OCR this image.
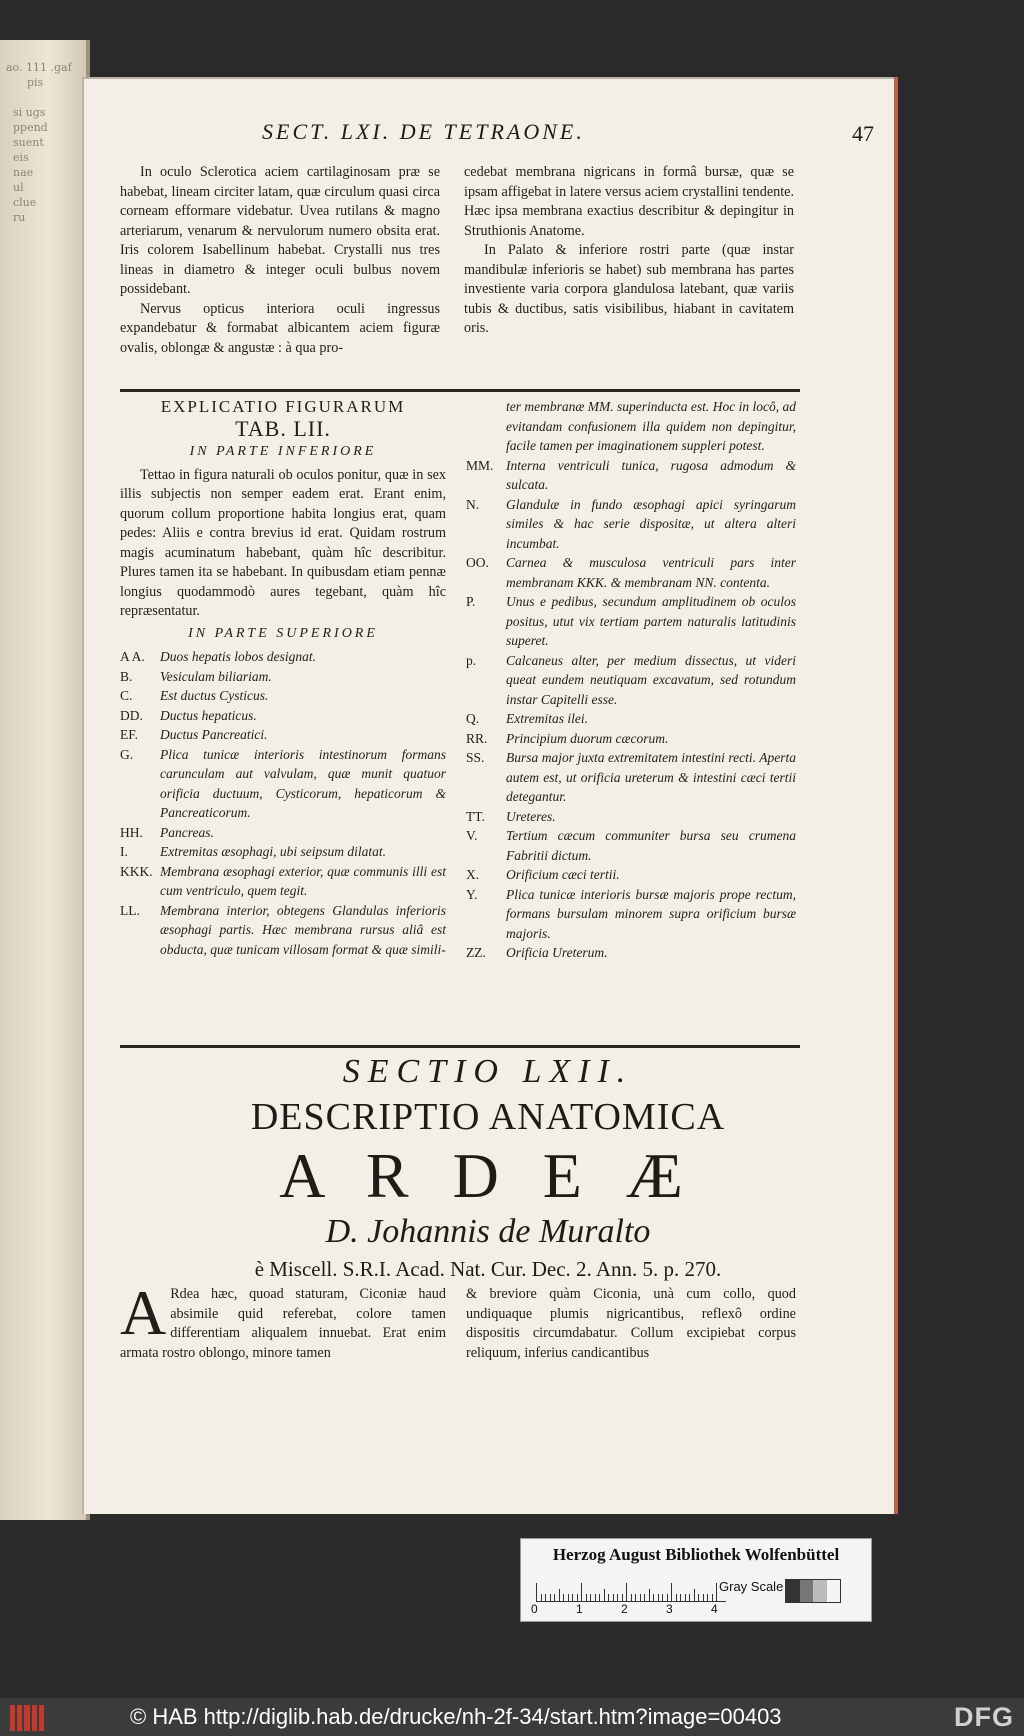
ao. 111 .gaf
pis

si ugs
ppend
suent
eis
nae
ul
clue
ru

SECT. LXI. DE TETRAONE.	47

In oculo Sclerotica aciem cartilaginosam præ se habebat, lineam circiter latam, quæ circulum quasi circa corneam efformare videbatur. Uvea rutilans & magno arteriarum, venarum & nervulorum numero obsita erat. Iris colorem Isabellinum habebat. Crystalli nus tres lineas in diametro & integer oculi bulbus novem possidebant.

Nervus opticus interiora oculi ingressus expandebatur & formabat albicantem aciem figuræ ovalis, oblongæ & angustæ : à qua pro-

cedebat membrana nigricans in formâ bursæ, quæ se ipsam affigebat in latere versus aciem crystallini tendente. Hæc ipsa membrana exactius describitur & depingitur in Struthionis Anatome.

In Palato & inferiore rostri parte (quæ instar mandibulæ inferioris se habet) sub membrana has partes investiente varia corpora glandulosa latebant, quæ variis tubis & ductibus, satis visibilibus, hiabant in cavitatem oris.

EXPLICATIO FIGURARUM
TAB. LII.
IN PARTE INFERIORE

Tettao in figura naturali ob oculos ponitur, quæ in sex illis subjectis non semper eadem erat. Erant enim, quorum collum proportione habita longius erat, quam pedes: Aliis e contra brevius id erat. Quidam rostrum magis acuminatum habebant, quàm hîc describitur. Plures tamen ita se habebant. In quibusdam etiam pennæ longius quodammodò aures tegebant, quàm hîc repræsentatur.

IN PARTE SUPERIORE
A A.	Duos hepatis lobos designat.
B.	Vesiculam biliariam.
C.	Est ductus Cysticus.
DD.	Ductus hepaticus.
EF.	Ductus Pancreatici.
G.	Plica tunicæ interioris intestinorum formans carunculam aut valvulam, quæ munit quatuor orificia ductuum, Cysticorum, hepaticorum & Pancreaticorum.
HH.	Pancreas.
I.	Extremitas æsophagi, ubi seipsum dilatat.
KKK. Membrana æsophagi exterior, quæ communis illi est cum ventriculo, quem tegit.
LL.	Membrana interior, obtegens Glandulas inferioris æsophagi partis. Hæc membrana rursus aliâ est obducta, quæ tunicam villosam format & quæ simili-

ter membranæ MM. superinducta est. Hoc in locô, ad evitandam confusionem illa quidem non depingitur, facile tamen per imaginationem suppleri potest.

MM. Interna ventriculi tunica, rugosa admodum & sulcata.
N.	Glandulæ in fundo æsophagi apici syringarum similes & hac serie dispositæ, ut altera alteri incumbat.
OO.	Carnea & musculosa ventriculi pars inter membranam KKK. & membranam NN. contenta.
P.	Unus e pedibus, secundum amplitudinem ob oculos positus, utut vix tertiam partem naturalis latitudinis superet.
p.	Calcaneus alter, per medium dissectus, ut videri queat eundem neutiquam excavatum, sed rotundum instar Capitelli esse.
Q.	Extremitas ilei.
RR.	Principium duorum cæcorum.
SS.	Bursa major juxta extremitatem intestini recti. Aperta autem est, ut orificia ureterum & intestini cæci tertii detegantur.
TT.	Ureteres.
V.	Tertium cæcum communiter bursa seu crumena Fabritii dictum.
X.	Orificium cæci tertii.
Y.	Plica tunicæ interioris bursæ majoris prope rectum, formans bursulam minorem supra orificium bursæ majoris.
ZZ.	Orificia Ureterum.
SECTIO LXII.
DESCRIPTIO ANATOMICA
A R D E Æ
D. Johannis de Muralto
è Miscell. S.R.I. Acad. Nat. Cur. Dec. 2. Ann. 5. p. 270.
A Rdea hæc, quoad staturam, Ciconiæ haud absimile quid referebat, colore tamen differentiam aliqualem innuebat. Erat enim armata rostro oblongo, minore tamen
& breviore quàm Ciconia, unà cum collo, quod undiquaque plumis nigricantibus, reflexô ordine dispositis circumdabatur. Collum excipiebat corpus reliquum, inferius candicantibus
Herzog August Bibliothek Wolfenbüttel
0	1	2	3	4
Gray Scale
© HAB http://diglib.hab.de/drucke/nh-2f-34/start.htm?image=00403	DFG
